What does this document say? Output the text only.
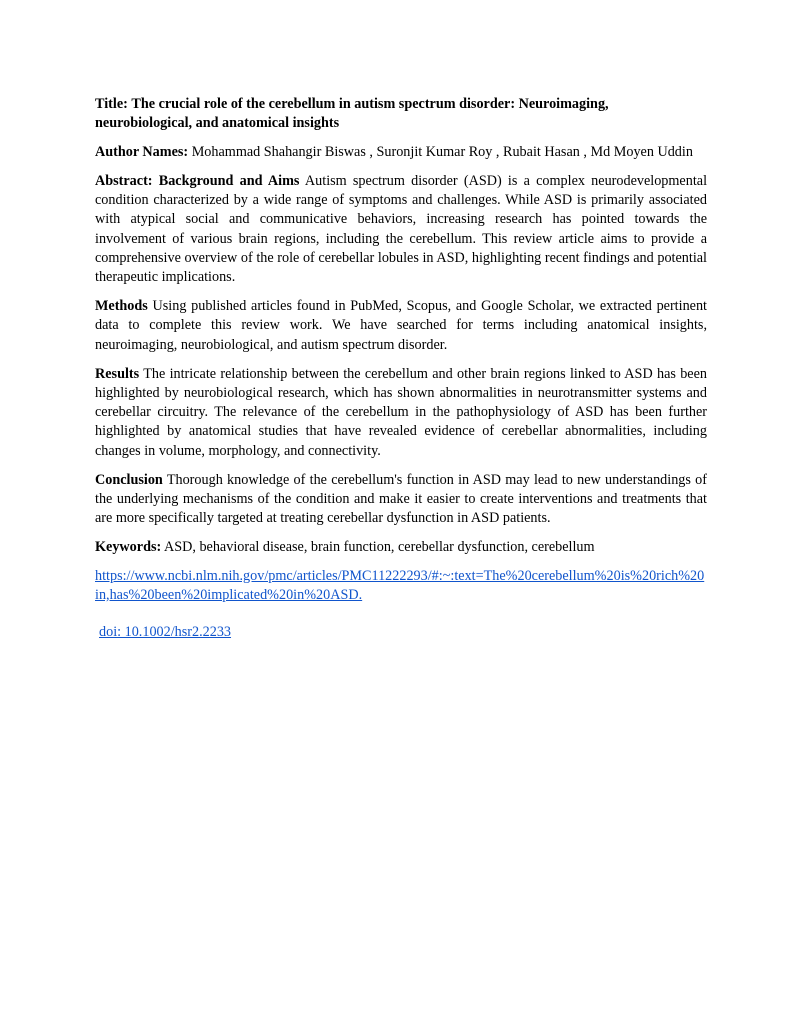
Title: The crucial role of the cerebellum in autism spectrum disorder: Neuroimaging, neurobiological, and anatomical insights

Author Names: Mohammad Shahangir Biswas , Suronjit Kumar Roy , Rubait Hasan , Md Moyen Uddin

Abstract: Background and Aims Autism spectrum disorder (ASD) is a complex neurodevelopmental condition characterized by a wide range of symptoms and challenges. While ASD is primarily associated with atypical social and communicative behaviors, increasing research has pointed towards the involvement of various brain regions, including the cerebellum. This review article aims to provide a comprehensive overview of the role of cerebellar lobules in ASD, highlighting recent findings and potential therapeutic implications.

Methods Using published articles found in PubMed, Scopus, and Google Scholar, we extracted pertinent data to complete this review work. We have searched for terms including anatomical insights, neuroimaging, neurobiological, and autism spectrum disorder.

Results The intricate relationship between the cerebellum and other brain regions linked to ASD has been highlighted by neurobiological research, which has shown abnormalities in neurotransmitter systems and cerebellar circuitry. The relevance of the cerebellum in the pathophysiology of ASD has been further highlighted by anatomical studies that have revealed evidence of cerebellar abnormalities, including changes in volume, morphology, and connectivity.

Conclusion Thorough knowledge of the cerebellum's function in ASD may lead to new understandings of the underlying mechanisms of the condition and make it easier to create interventions and treatments that are more specifically targeted at treating cerebellar dysfunction in ASD patients.

Keywords: ASD, behavioral disease, brain function, cerebellar dysfunction, cerebellum

https://www.ncbi.nlm.nih.gov/pmc/articles/PMC11222293/#:~:text=The%20cerebellum%20is%20rich%20in,has%20been%20implicated%20in%20ASD.

doi: 10.1002/hsr2.2233
